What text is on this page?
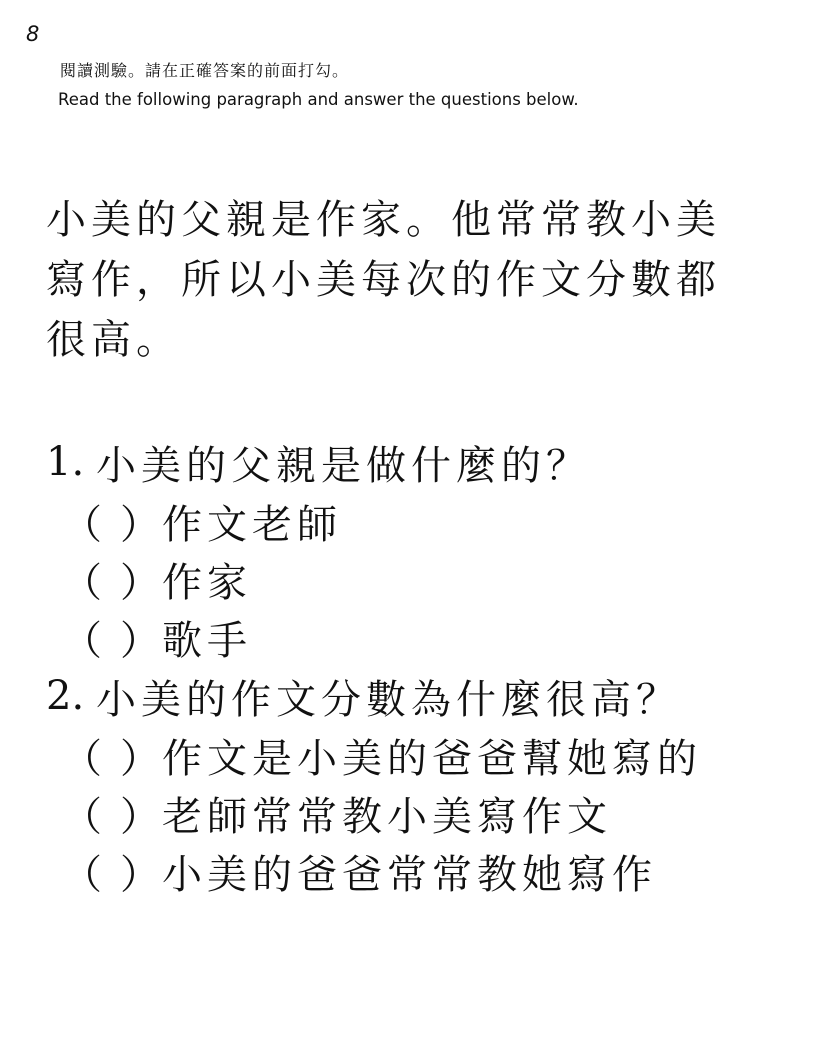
8
閱讀測驗。請在正確答案的前面打勾。
Read the following paragraph and answer the questions below.
小美的父親是作家。他常常教小美
寫作，所以小美每次的作文分數都
很高。
1. 小美的父親是做什麼的？
（ ）
作文老師
（ ）
作家
（ ）
歌手
2. 小美的作文分數為什麼很高？
（ ）
作文是小美的爸爸幫她寫的
（ ）
老師常常教小美寫作文
（ ）
小美的爸爸常常教她寫作
